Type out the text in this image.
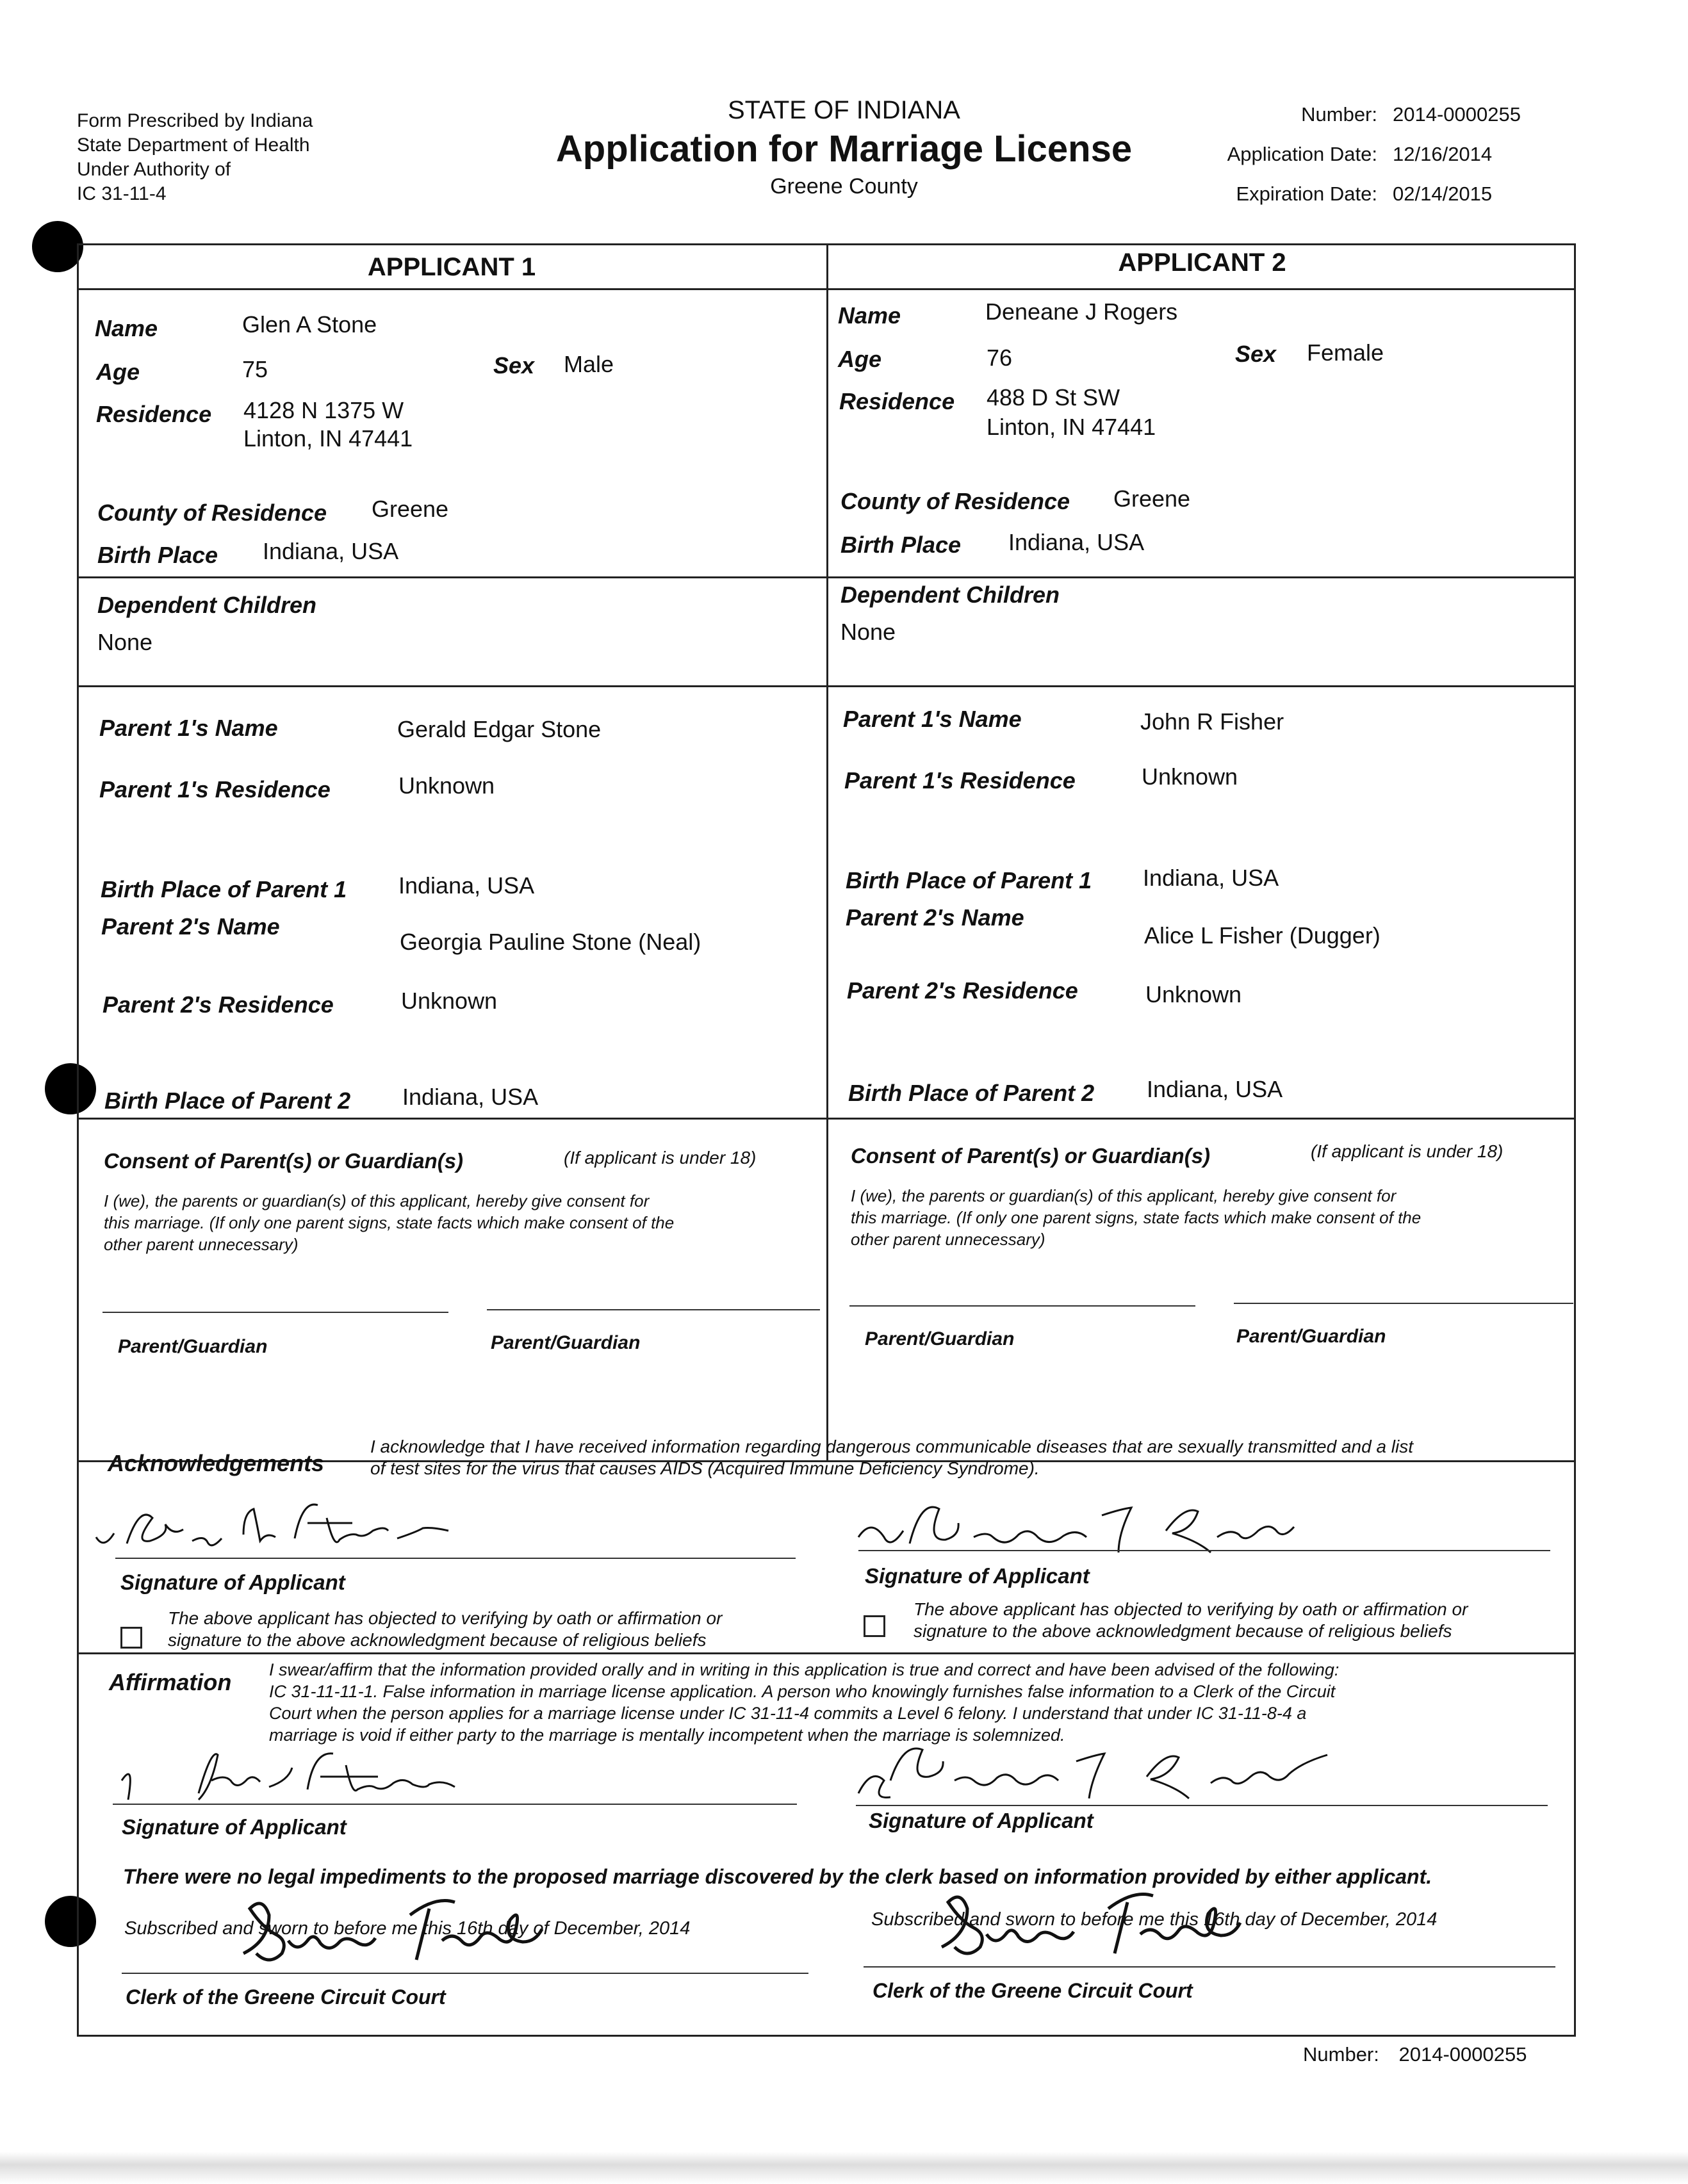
Form Prescribed by Indiana
State Department of Health
Under Authority of
IC 31-11-4
STATE OF INDIANA
Application for Marriage License
Greene County
Number: 2014-0000255
Application Date: 12/16/2014
Expiration Date: 02/14/2015
APPLICANT 1	APPLICANT 2
Name	Glen A Stone
Age	75	Sex Male
Residence 4128 N 1375 W
Linton, IN 47441
County of Residence Greene
Birth Place Indiana, USA
Dependent Children
None
Parent 1's Name	Gerald Edgar Stone
Parent 1's Residence	Unknown
Birth Place of Parent 1 Indiana, USA
Parent 2's Name
Georgia Pauline Stone (Neal)
Parent 2's Residence	Unknown
Birth Place of Parent 2 Indiana, USA
Name	Deneane J Rogers
Age	76	Sex Female
Residence 488 D St SW
Linton, IN 47441
County of Residence Greene
Birth Place Indiana, USA
Dependent Children
None
Parent 1's Name	John R Fisher
Parent 1's Residence	Unknown
Birth Place of Parent 1 Indiana, USA
Parent 2's Name
Alice L Fisher (Dugger)
Parent 2's Residence	Unknown
Birth Place of Parent 2 Indiana, USA
Consent of Parent(s) or Guardian(s)	(If applicant is under 18)
I (we), the parents or guardian(s) of this applicant, hereby give consent for
this marriage. (If only one parent signs, state facts which make consent of the
other parent unnecessary)
Parent/Guardian	Parent/Guardian
Consent of Parent(s) or Guardian(s)	(If applicant is under 18)
I (we), the parents or guardian(s) of this applicant, hereby give consent for
this marriage. (If only one parent signs, state facts which make consent of the
other parent unnecessary)
Parent/Guardian	Parent/Guardian
Acknowledgements
I acknowledge that I have received information regarding dangerous communicable diseases that are sexually transmitted and a list
of test sites for the virus that causes AIDS (Acquired Immune Deficiency Syndrome).
Signature of Applicant
The above applicant has objected to verifying by oath or affirmation or
signature to the above acknowledgment because of religious beliefs
Signature of Applicant
The above applicant has objected to verifying by oath or affirmation or
signature to the above acknowledgment because of religious beliefs
Affirmation I swear/affirm that the information provided orally and in writing in this application is true and correct and have been advised of the following:
IC 31-11-11-1. False information in marriage license application. A person who knowingly furnishes false information to a Clerk of the Circuit
Court when the person applies for a marriage license under IC 31-11-4 commits a Level 6 felony. I understand that under IC 31-11-8-4 a
marriage is void if either party to the marriage is mentally incompetent when the marriage is solemnized.
Signature of Applicant	Signature of Applicant
There were no legal impediments to the proposed marriage discovered by the clerk based on information provided by either applicant.
Subscribed and sworn to before me this 16th day of December, 2014
Clerk of the Greene Circuit Court
Subscribed and sworn to before me this 16th day of December, 2014
Clerk of the Greene Circuit Court
Number: 2014-0000255
